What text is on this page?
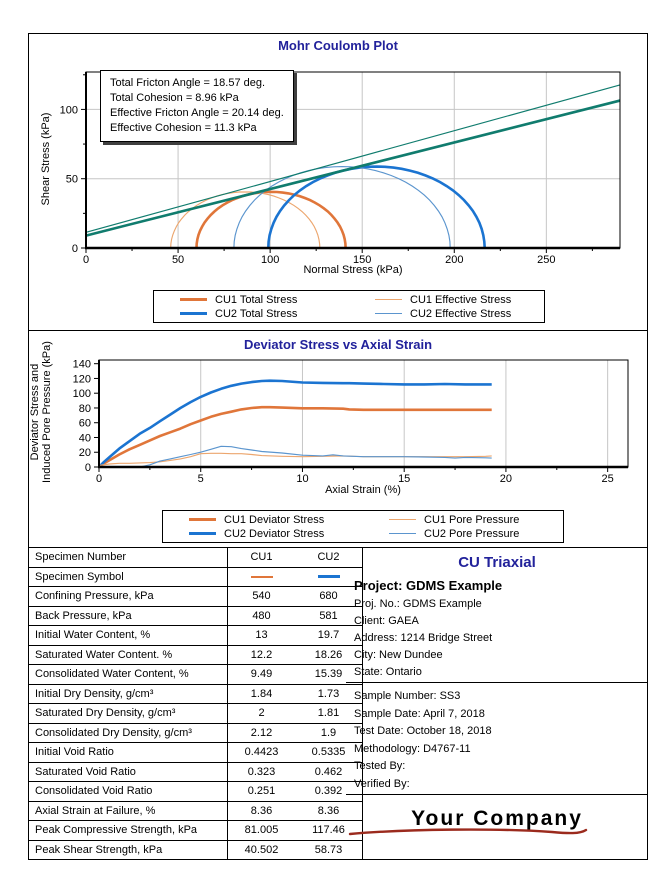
Mohr Coulomb Plot
0	50	100	150	200	250
0
50
100
Shear Stress (kPa)
Normal Stress (kPa)
Total Fricton Angle = 18.57 deg.
Total Cohesion = 8.96 kPa
Effective Fricton Angle = 20.14 deg.
Effective Cohesion = 11.3 kPa
CU1 Total Stress	CU1 Effective Stress
CU2 Total Stress	CU2 Effective Stress
Deviator Stress vs Axial Strain
0	5	10	15	20	25
0
20
40
60
80
100
120
140
Deviator Stress and Induced Pore Pressure (kPa)
Axial Strain (%)
CU1 Deviator Stress	CU1 Pore Pressure
CU2 Deviator Stress	CU2 Pore Pressure
Specimen Number	CU1	CU2
Specimen Symbol		
Confining Pressure, kPa	540	680
Back Pressure, kPa	480	581
Initial Water Content, %	13	19.7
Saturated Water Content. %	12.2	18.26
Consolidated Water Content, %	9.49	15.39
Initial Dry Density, g/cm³	1.84	1.73
Saturated Dry Density, g/cm³	2	1.81
Consolidated Dry Density, g/cm³	2.12	1.9
Initial Void Ratio	0.4423	0.5335
Saturated Void Ratio	0.323	0.462
Consolidated Void Ratio	0.251	0.392
Axial Strain at Failure, %	8.36	8.36
Peak Compressive Strength, kPa	81.005	117.46
Peak Shear Strength, kPa	40.502	58.73
CU Triaxial
Project: GDMS Example
Proj. No.: GDMS Example
Client: GAEA
Address: 1214 Bridge Street
City: New Dundee
State: Ontario
Sample Number: SS3
Sample Date: April 7, 2018
Test Date: October 18, 2018
Methodology: D4767-11
Tested By:
Verified By:
Your Company
